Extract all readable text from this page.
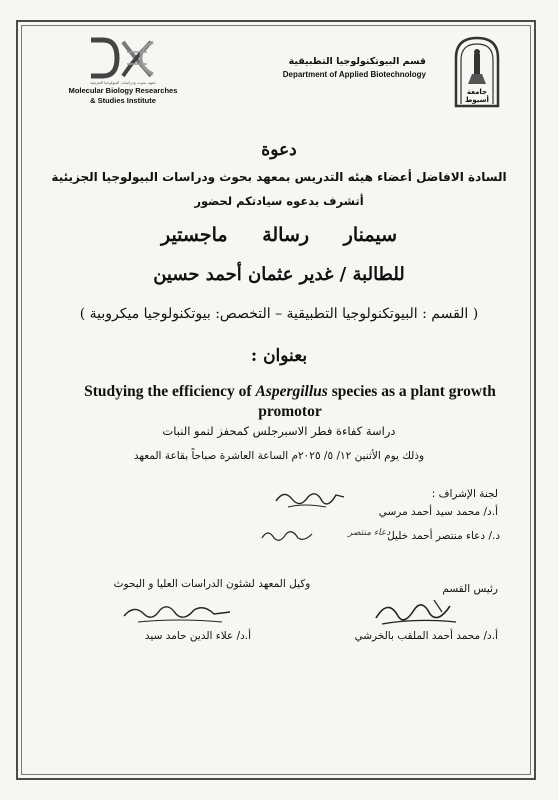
معهد بحوث ودراسات البيولوجيا الجزيئية
Molecular Biology Researches
& Studies Institute
قسم البيوتكنولوجيا التطبيقية
Department of Applied Biotechnology
جامعة أسيوط
دعوة
السادة الافاضل أعضاء هيئه التدريس بمعهد بحوث ودراسات البيولوجيا الجزيئية
أتشرف بدعوه سيادتكم لحضور
سيمنار رسالة ماجستير
للطالبة / غدير عثمان أحمد حسين
( القسم : البيوتكنولوجيا التطبيقية – التخصص: بيوتكنولوجيا ميكروبية )
بعنوان :
Studying the efficiency of Aspergillus species as a plant growth promotor
دراسة كفاءة فطر الاسبرجلس كمحفز لنمو النبات
وذلك يوم الأثنين ١٢/ ٥/ ٢٠٢٥م الساعة العاشرة صباحاً بقاعة المعهد
لجنة الإشراف :
أ.د/ محمد سيد أحمد مرسي
د./ دعاء منتصر أحمد خليل
دعاء منتصر
رئيس القسم
وكيل المعهد لشئون الدراسات العليا و البحوث
أ.د/ محمد أحمد الملقب بالخرشي
أ.د/ علاء الدين حامد سيد
